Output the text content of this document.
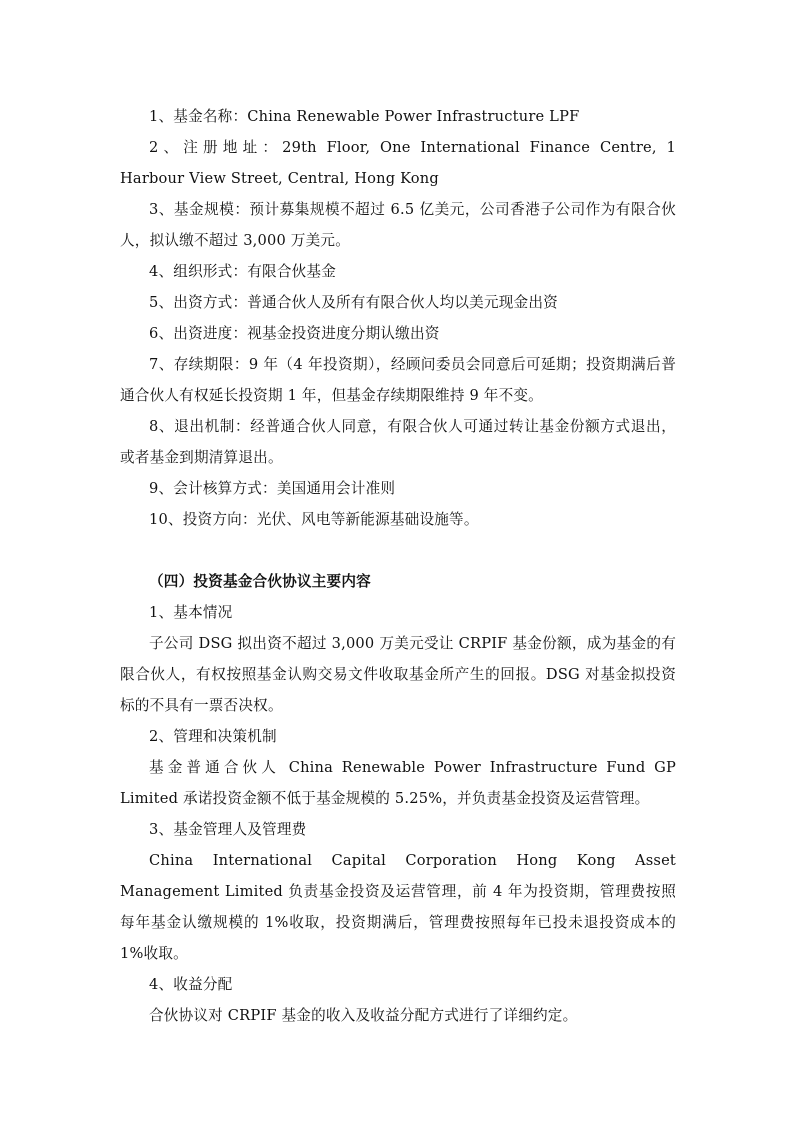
1、基金名称：China Renewable Power Infrastructure LPF

2、注册地址：29th Floor, One International Finance Centre, 1 Harbour View Street, Central, Hong Kong

3、基金规模：预计募集规模不超过 6.5 亿美元，公司香港子公司作为有限合伙人，拟认缴不超过 3,000 万美元。

4、组织形式：有限合伙基金

5、出资方式：普通合伙人及所有有限合伙人均以美元现金出资

6、出资进度：视基金投资进度分期认缴出资

7、存续期限：9 年（4 年投资期），经顾问委员会同意后可延期；投资期满后普通合伙人有权延长投资期 1 年，但基金存续期限维持 9 年不变。

8、退出机制：经普通合伙人同意，有限合伙人可通过转让基金份额方式退出，或者基金到期清算退出。

9、会计核算方式：美国通用会计准则

10、投资方向：光伏、风电等新能源基础设施等。

（四）投资基金合伙协议主要内容

1、基本情况

子公司 DSG 拟出资不超过 3,000 万美元受让 CRPIF 基金份额，成为基金的有限合伙人，有权按照基金认购交易文件收取基金所产生的回报。DSG 对基金拟投资标的不具有一票否决权。

2、管理和决策机制

基金普通合伙人 China Renewable Power Infrastructure Fund GP Limited 承诺投资金额不低于基金规模的 5.25%，并负责基金投资及运营管理。

3、基金管理人及管理费

China International Capital Corporation Hong Kong Asset Management Limited 负责基金投资及运营管理，前 4 年为投资期，管理费按照每年基金认缴规模的 1%收取，投资期满后，管理费按照每年已投未退投资成本的 1%收取。

4、收益分配

合伙协议对 CRPIF 基金的收入及收益分配方式进行了详细约定。
